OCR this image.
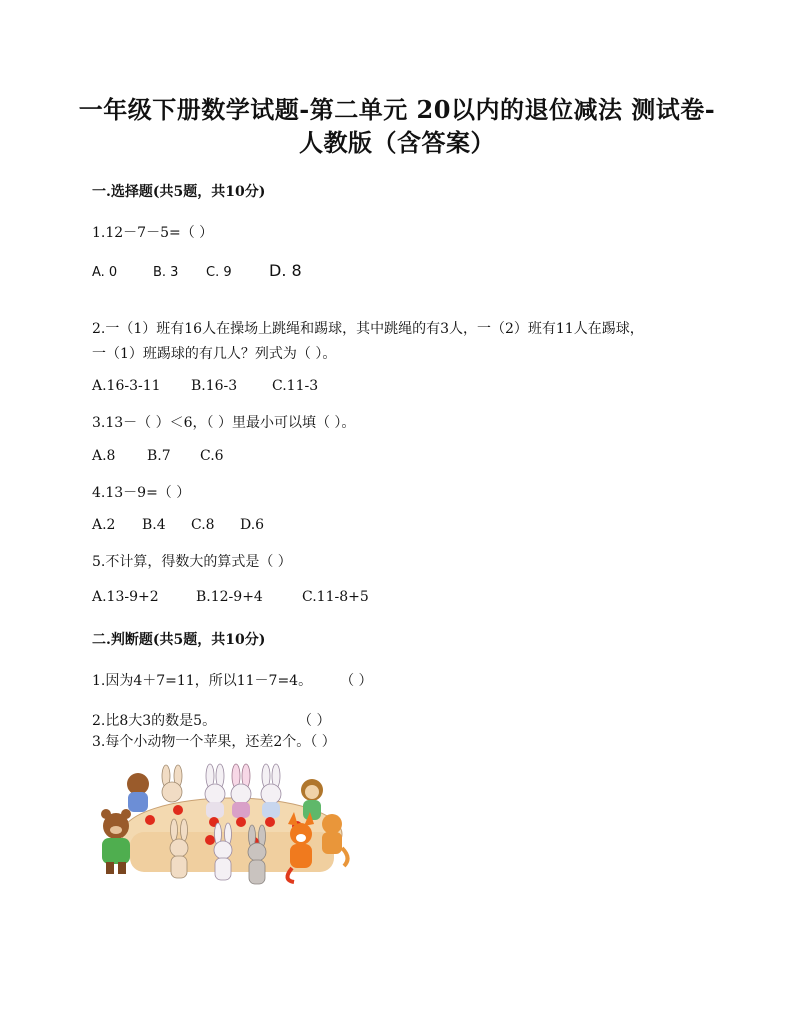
一年级下册数学试题-第二单元 20以内的退位减法 测试卷-
人教版（含答案）
一.选择题(共5题，共10分)
1.12－7－5=（ ）
A. 0	B. 3 C. 9 D. 8
2.一（1）班有16人在操场上跳绳和踢球，其中跳绳的有3人，一（2）班有11人在踢球，
一（1）班踢球的有几人？列式为（ ）。
A.16-3-11 B.16-3 C.11-3
3.13－（ ）＜6，（ ）里最小可以填（ ）。
A.8 B.7 C.6
4.13－9=（ ）
A.2 B.4 C.8 D.6
5.不计算，得数大的算式是（ ）
A.13-9+2	B.12-9+4	C.11-8+5
二.判断题(共5题，共10分)
1.因为4＋7=11，所以11－7=4。 （ ）
2.比8大3的数是5。	（ ）
3.每个小动物一个苹果，还差2个。（ ）
